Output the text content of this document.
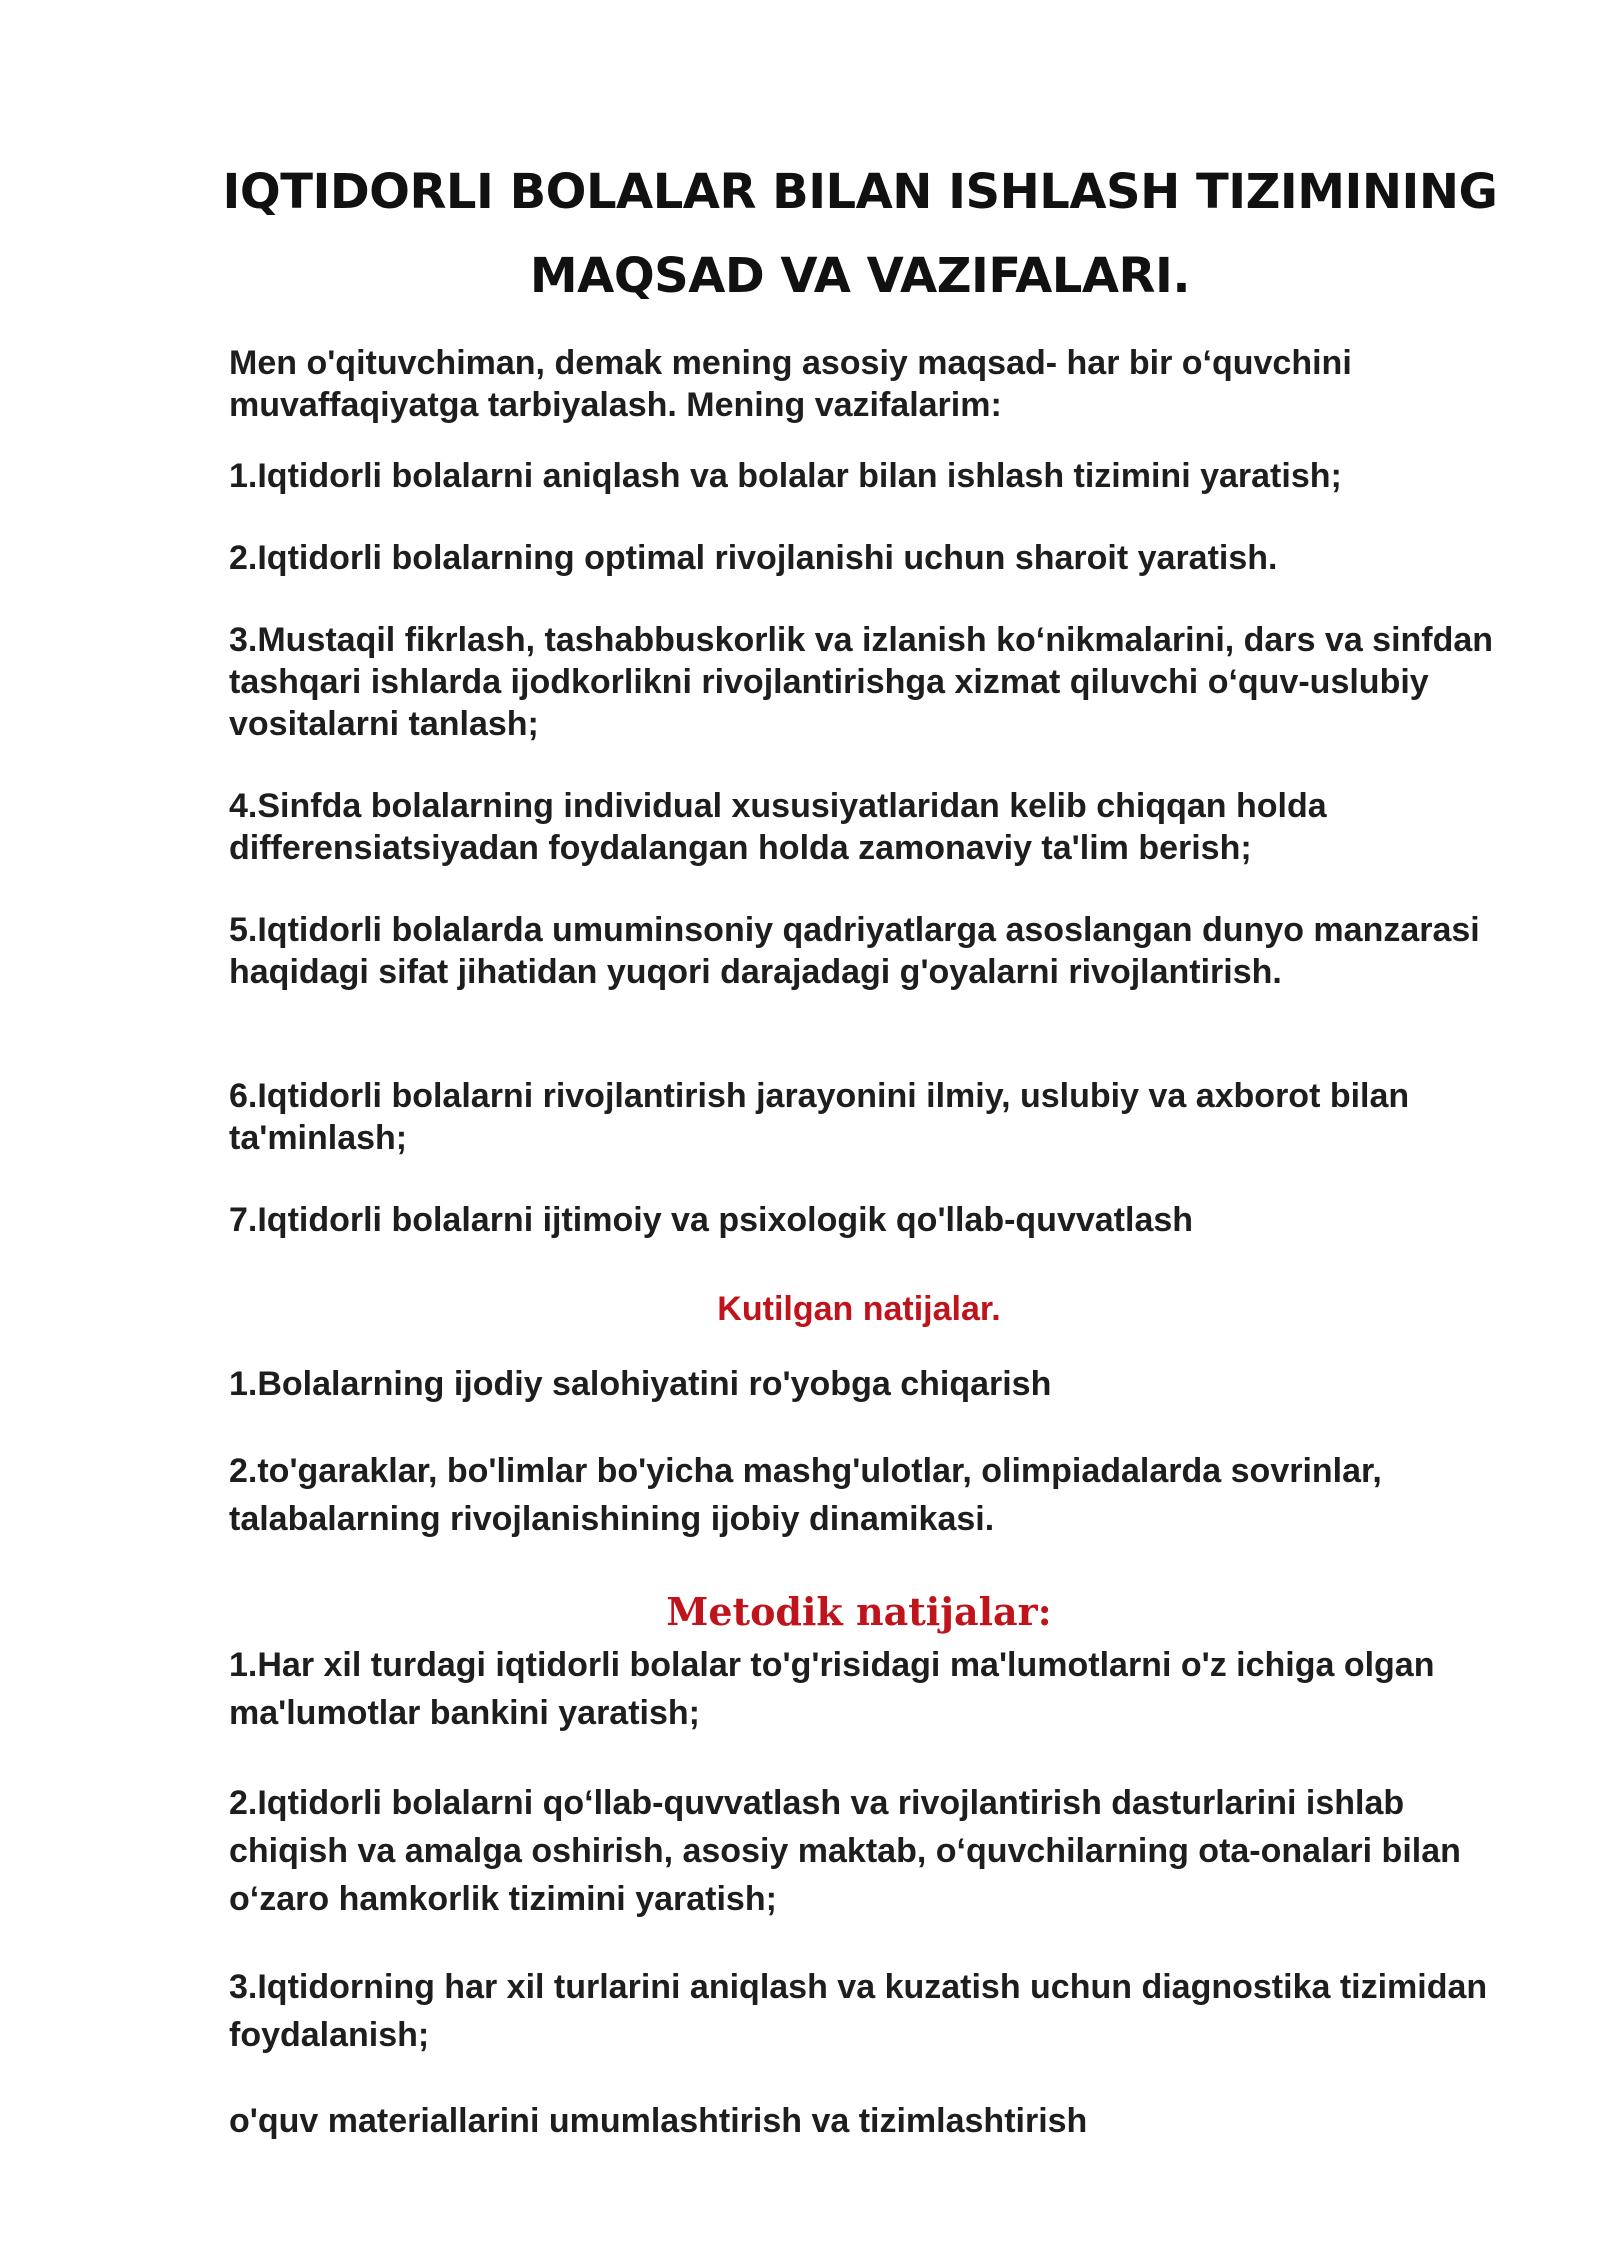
IQTIDORLI BOLALAR BILAN ISHLASH TIZIMINING
MAQSAD VA VAZIFALARI.

Men o'qituvchiman, demak mening asosiy maqsad- har bir o‘quvchini muvaffaqiyatga tarbiyalash. Mening vazifalarim:

1.Iqtidorli bolalarni aniqlash va bolalar bilan ishlash tizimini yaratish;

2.Iqtidorli bolalarning optimal rivojlanishi uchun sharoit yaratish.

3.Mustaqil fikrlash, tashabbuskorlik va izlanish ko‘nikmalarini, dars va sinfdan tashqari ishlarda ijodkorlikni rivojlantirishga xizmat qiluvchi o‘quv-uslubiy vositalarni tanlash;

4.Sinfda bolalarning individual xususiyatlaridan kelib chiqqan holda differensiatsiyadan foydalangan holda zamonaviy ta'lim berish;

5.Iqtidorli bolalarda umuminsoniy qadriyatlarga asoslangan dunyo manzarasi haqidagi sifat jihatidan yuqori darajadagi g'oyalarni rivojlantirish.

6.Iqtidorli bolalarni rivojlantirish jarayonini ilmiy, uslubiy va axborot bilan ta'minlash;

7.Iqtidorli bolalarni ijtimoiy va psixologik qo'llab-quvvatlash

Kutilgan natijalar.

1.Bolalarning ijodiy salohiyatini ro'yobga chiqarish

2.to'garaklar, bo'limlar bo'yicha mashg'ulotlar, olimpiadalarda sovrinlar, talabalarning rivojlanishining ijobiy dinamikasi.

Metodik natijalar:

1.Har xil turdagi iqtidorli bolalar to'g'risidagi ma'lumotlarni o'z ichiga olgan ma'lumotlar bankini yaratish;

2.Iqtidorli bolalarni qo‘llab-quvvatlash va rivojlantirish dasturlarini ishlab chiqish va amalga oshirish, asosiy maktab, o‘quvchilarning ota-onalari bilan o‘zaro hamkorlik tizimini yaratish;

3.Iqtidorning har xil turlarini aniqlash va kuzatish uchun diagnostika tizimidan foydalanish;

o'quv materiallarini umumlashtirish va tizimlashtirish
